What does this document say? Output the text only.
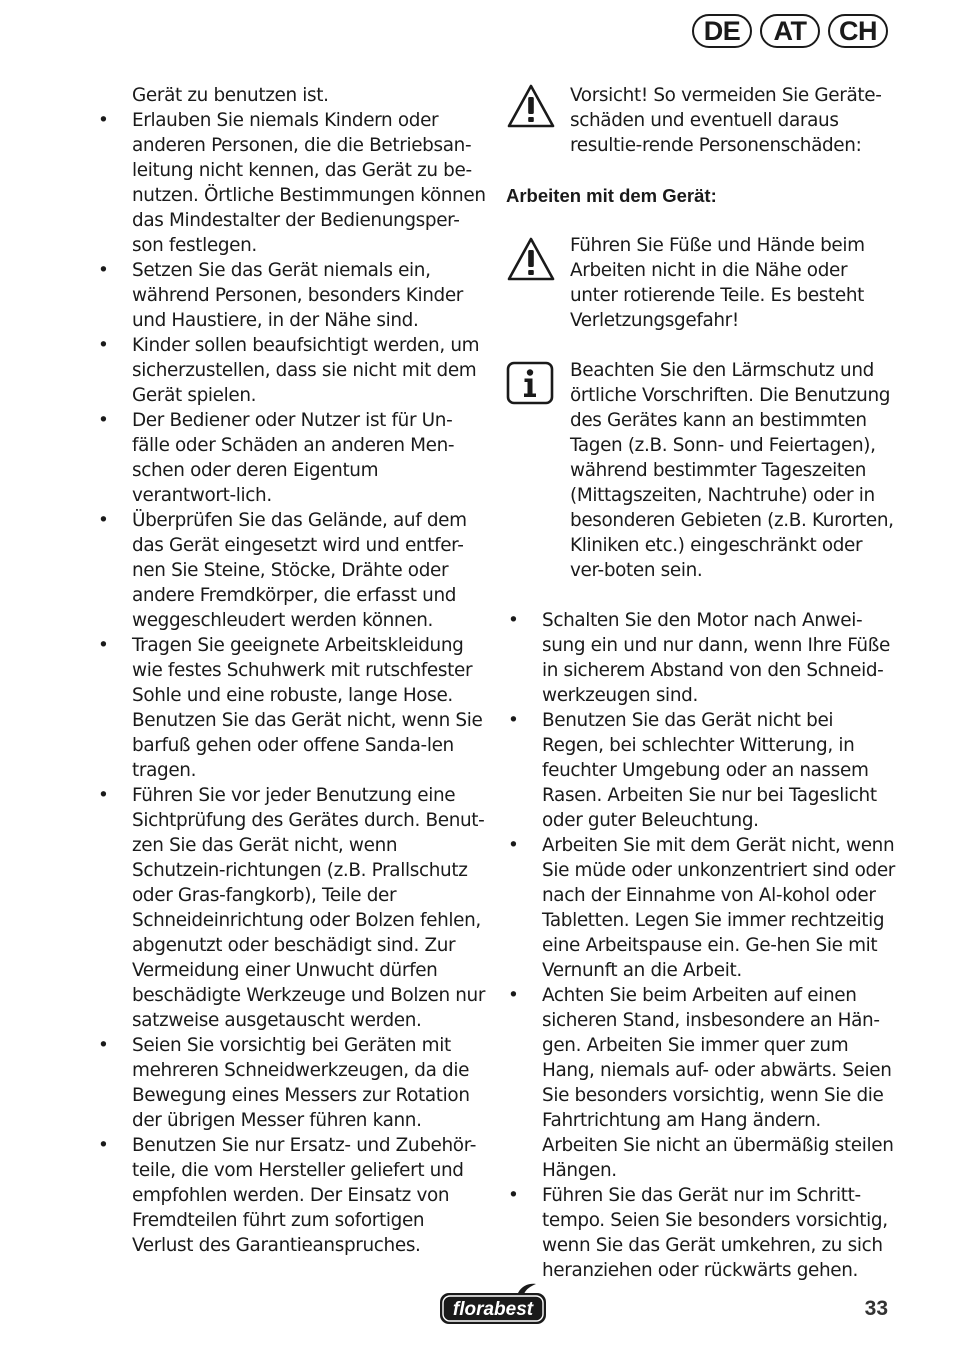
DE	AT	CH

Gerät zu benutzen ist.

• Erlauben Sie niemals Kindern oder anderen Personen, die die Betriebsan-leitung nicht kennen, das Gerät zu be-nutzen. Örtliche Bestimmungen können das Mindestalter der Bedienungsper-son festlegen.
• Setzen Sie das Gerät niemals ein, während Personen, besonders Kinder und Haustiere, in der Nähe sind.
• Kinder sollen beaufsichtigt werden, um sicherzustellen, dass sie nicht mit dem Gerät spielen.
• Der Bediener oder Nutzer ist für Un-fälle oder Schäden an anderen Men-schen oder deren Eigentum verantwort-lich.
• Überprüfen Sie das Gelände, auf dem das Gerät eingesetzt wird und entfer-nen Sie Steine, Stöcke, Drähte oder andere Fremdkörper, die erfasst und weggeschleudert werden können.
• Tragen Sie geeignete Arbeitskleidung wie festes Schuhwerk mit rutschfester Sohle und eine robuste, lange Hose. Benutzen Sie das Gerät nicht, wenn Sie barfuß gehen oder offene Sanda-len tragen.
• Führen Sie vor jeder Benutzung eine Sichtprüfung des Gerätes durch. Benut-zen Sie das Gerät nicht, wenn Schutzein-richtungen (z.B. Prallschutz oder Gras-fangkorb), Teile der Schneideinrichtung oder Bolzen fehlen, abgenutzt oder beschädigt sind. Zur Vermeidung einer Unwucht dürfen beschädigte Werkzeuge und Bolzen nur satzweise ausgetauscht werden.
• Seien Sie vorsichtig bei Geräten mit mehreren Schneidwerkzeugen, da die Bewegung eines Messers zur Rotation der übrigen Messer führen kann.
• Benutzen Sie nur Ersatz- und Zubehör-teile, die vom Hersteller geliefert und empfohlen werden. Der Einsatz von Fremdteilen führt zum sofortigen Verlust des Garantieanspruches.

Vorsicht! So vermeiden Sie Geräte-schäden und eventuell daraus resultie-rende Personenschäden:

Arbeiten mit dem Gerät:

Führen Sie Füße und Hände beim Arbeiten nicht in die Nähe oder unter rotierende Teile. Es besteht Verletzungsgefahr!

Beachten Sie den Lärmschutz und örtliche Vorschriften. Die Benutzung des Gerätes kann an bestimmten Tagen (z.B. Sonn- und Feiertagen), während bestimmter Tageszeiten (Mittagszeiten, Nachtruhe) oder in besonderen Gebieten (z.B. Kurorten, Kliniken etc.) eingeschränkt oder ver-boten sein.

• Schalten Sie den Motor nach Anwei-sung ein und nur dann, wenn Ihre Füße in sicherem Abstand von den Schneid-werkzeugen sind.
• Benutzen Sie das Gerät nicht bei Regen, bei schlechter Witterung, in feuchter Umgebung oder an nassem Rasen. Arbeiten Sie nur bei Tageslicht oder guter Beleuchtung.
• Arbeiten Sie mit dem Gerät nicht, wenn Sie müde oder unkonzentriert sind oder nach der Einnahme von Al-kohol oder Tabletten. Legen Sie immer rechtzeitig eine Arbeitspause ein. Ge-hen Sie mit Vernunft an die Arbeit.
• Achten Sie beim Arbeiten auf einen sicheren Stand, insbesondere an Hän-gen. Arbeiten Sie immer quer zum Hang, niemals auf- oder abwärts. Seien Sie besonders vorsichtig, wenn Sie die Fahrtrichtung am Hang ändern. Arbeiten Sie nicht an übermäßig steilen Hängen.
• Führen Sie das Gerät nur im Schritt-tempo. Seien Sie besonders vorsichtig, wenn Sie das Gerät umkehren, zu sich heranziehen oder rückwärts gehen.
florabest	33
